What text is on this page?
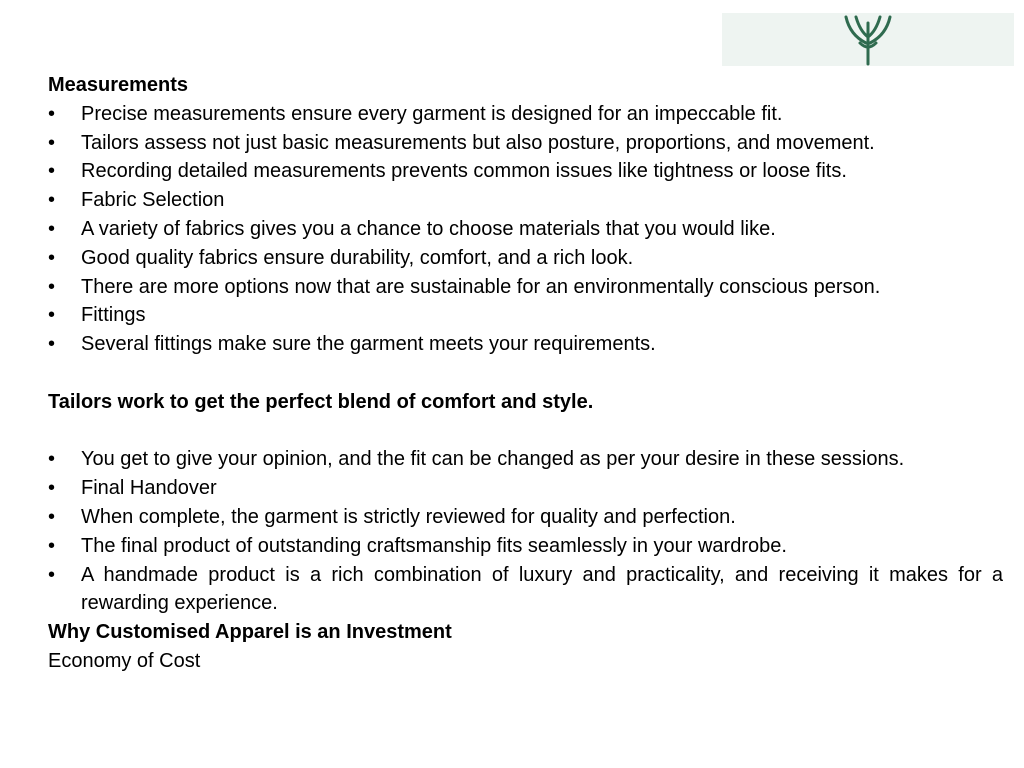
Measurements

• Precise measurements ensure every garment is designed for an impeccable fit.
• Tailors assess not just basic measurements but also posture, proportions, and movement.
• Recording detailed measurements prevents common issues like tightness or loose fits.
• Fabric Selection
• A variety of fabrics gives you a chance to choose materials that you would like.
• Good quality fabrics ensure durability, comfort, and a rich look.
• There are more options now that are sustainable for an environmentally conscious person.
• Fittings
• Several fittings make sure the garment meets your requirements.

Tailors work to get the perfect blend of comfort and style.

• You get to give your opinion, and the fit can be changed as per your desire in these sessions.
• Final Handover
• When complete, the garment is strictly reviewed for quality and perfection.
• The final product of outstanding craftsmanship fits seamlessly in your wardrobe.
• A handmade product is a rich combination of luxury and practicality, and receiving it makes for a rewarding experience.

Why Customised Apparel is an Investment

Economy of Cost
